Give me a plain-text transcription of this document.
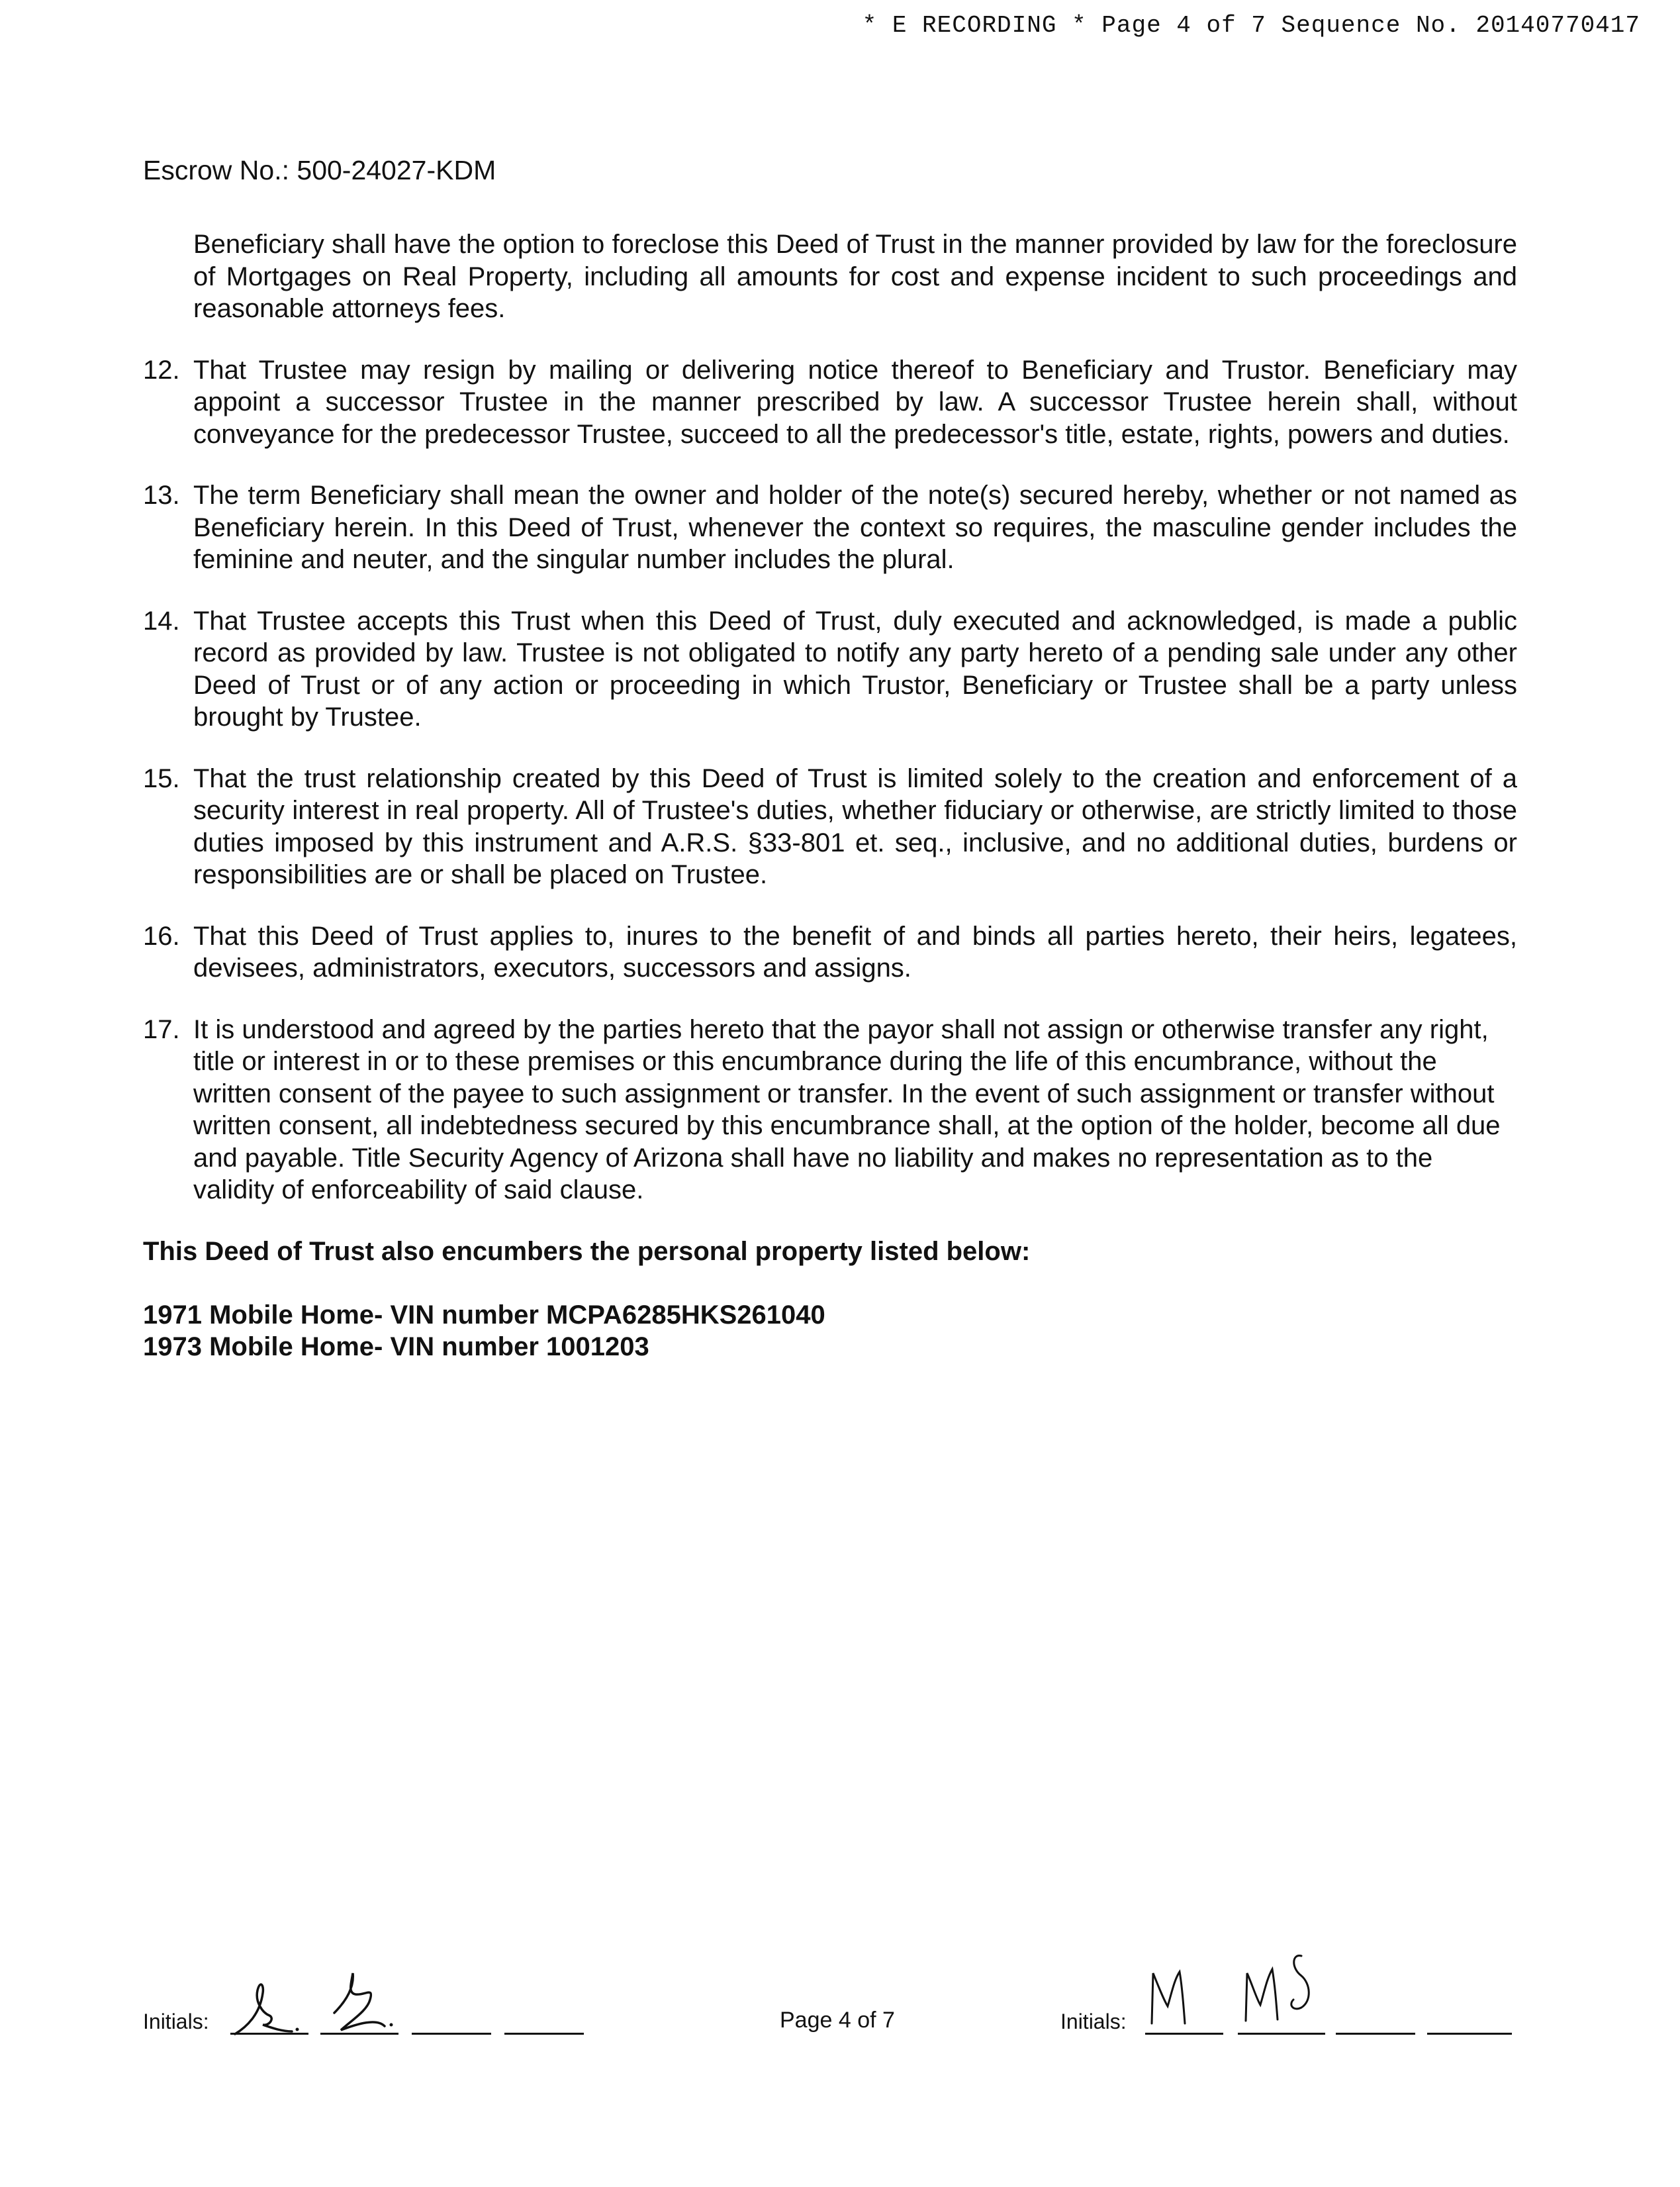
* E RECORDING * Page 4 of 7 Sequence No. 20140770417
Escrow No.: 500-24027-KDM
Beneficiary shall have the option to foreclose this Deed of Trust in the manner provided by law for the foreclosure of Mortgages on Real Property, including all amounts for cost and expense incident to such proceedings and reasonable attorneys fees.
12. That Trustee may resign by mailing or delivering notice thereof to Beneficiary and Trustor. Beneficiary may appoint a successor Trustee in the manner prescribed by law. A successor Trustee herein shall, without conveyance for the predecessor Trustee, succeed to all the predecessor's title, estate, rights, powers and duties.
13. The term Beneficiary shall mean the owner and holder of the note(s) secured hereby, whether or not named as Beneficiary herein. In this Deed of Trust, whenever the context so requires, the masculine gender includes the feminine and neuter, and the singular number includes the plural.
14. That Trustee accepts this Trust when this Deed of Trust, duly executed and acknowledged, is made a public record as provided by law. Trustee is not obligated to notify any party hereto of a pending sale under any other Deed of Trust or of any action or proceeding in which Trustor, Beneficiary or Trustee shall be a party unless brought by Trustee.
15. That the trust relationship created by this Deed of Trust is limited solely to the creation and enforcement of a security interest in real property. All of Trustee's duties, whether fiduciary or otherwise, are strictly limited to those duties imposed by this instrument and A.R.S. §33-801 et. seq., inclusive, and no additional duties, burdens or responsibilities are or shall be placed on Trustee.
16. That this Deed of Trust applies to, inures to the benefit of and binds all parties hereto, their heirs, legatees, devisees, administrators, executors, successors and assigns.
17. It is understood and agreed by the parties hereto that the payor shall not assign or otherwise transfer any right, title or interest in or to these premises or this encumbrance during the life of this encumbrance, without the written consent of the payee to such assignment or transfer. In the event of such assignment or transfer without written consent, all indebtedness secured by this encumbrance shall, at the option of the holder, become all due and payable. Title Security Agency of Arizona shall have no liability and makes no representation as to the validity of enforceability of said clause.
This Deed of Trust also encumbers the personal property listed below:
1971 Mobile Home- VIN number MCPA6285HKS261040
1973 Mobile Home- VIN number 1001203
Initials:	Page 4 of 7	Initials:
